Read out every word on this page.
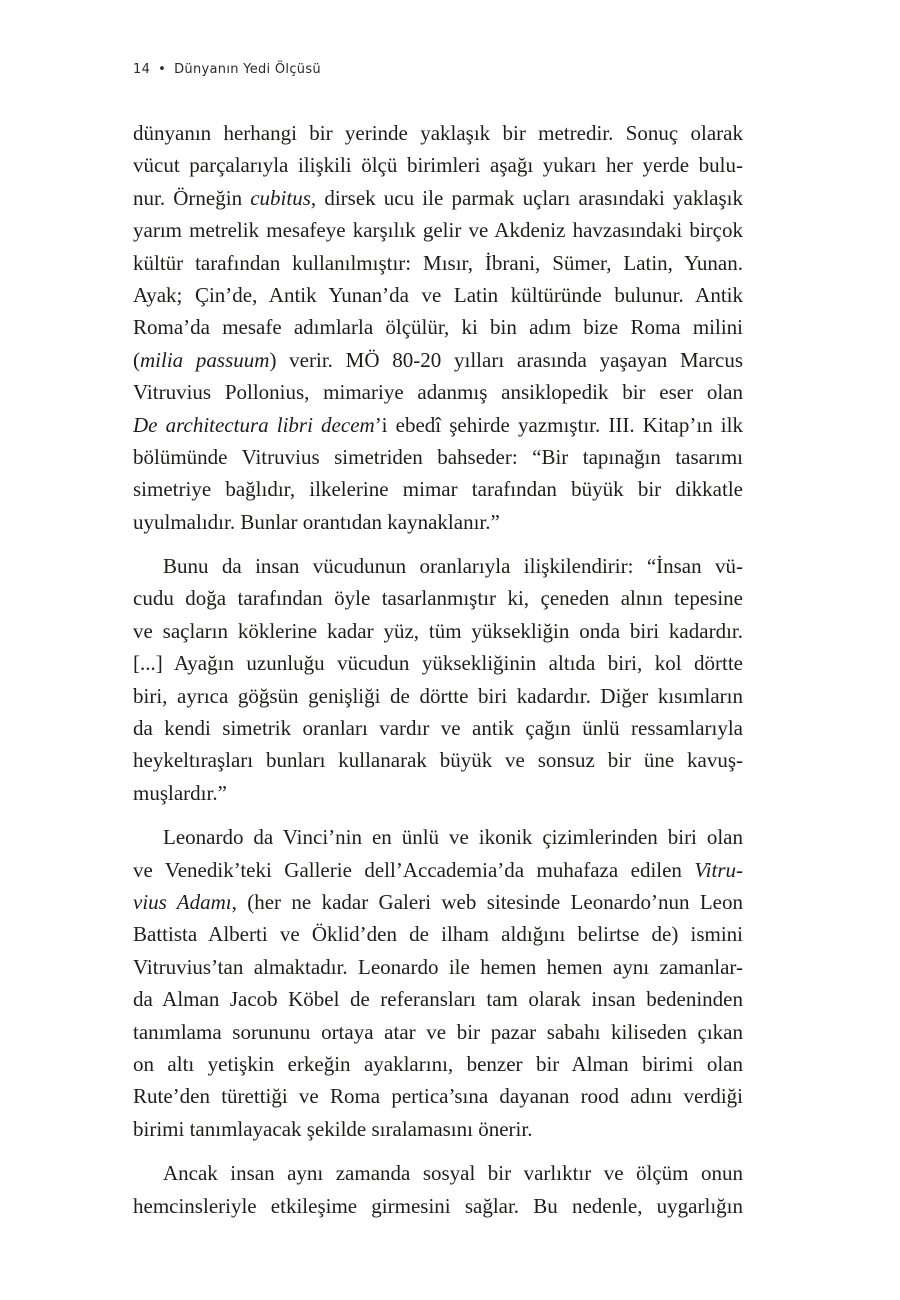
14 • Dünyanın Yedi Ölçüsü
dünyanın herhangi bir yerinde yaklaşık bir metredir. Sonuç olarak
vücut parçalarıyla ilişkili ölçü birimleri aşağı yukarı her yerde bulu-
nur. Örneğin cubitus, dirsek ucu ile parmak uçları arasındaki yaklaşık
yarım metrelik mesafeye karşılık gelir ve Akdeniz havzasındaki birçok
kültür tarafından kullanılmıştır: Mısır, İbrani, Sümer, Latin, Yunan.
Ayak; Çin’de, Antik Yunan’da ve Latin kültüründe bulunur. Antik
Roma’da mesafe adımlarla ölçülür, ki bin adım bize Roma milini
(milia passuum) verir. MÖ 80-20 yılları arasında yaşayan Marcus
Vitruvius Pollonius, mimariye adanmış ansiklopedik bir eser olan
De architectura libri decem’i ebedî şehirde yazmıştır. III. Kitap’ın ilk
bölümünde Vitruvius simetriden bahseder: “Bir tapınağın tasarımı
simetriye bağlıdır, ilkelerine mimar tarafından büyük bir dikkatle
uyulmalıdır. Bunlar orantıdan kaynaklanır.”
Bunu da insan vücudunun oranlarıyla ilişkilendirir: “İnsan vü-
cudu doğa tarafından öyle tasarlanmıştır ki, çeneden alnın tepesine
ve saçların köklerine kadar yüz, tüm yüksekliğin onda biri kadardır.
[...] Ayağın uzunluğu vücudun yüksekliğinin altıda biri, kol dörtte
biri, ayrıca göğsün genişliği de dörtte biri kadardır. Diğer kısımların
da kendi simetrik oranları vardır ve antik çağın ünlü ressamlarıyla
heykeltıraşları bunları kullanarak büyük ve sonsuz bir üne kavuş-
muşlardır.”
Leonardo da Vinci’nin en ünlü ve ikonik çizimlerinden biri olan
ve Venedik’teki Gallerie dell’Accademia’da muhafaza edilen Vitru-
vius Adamı, (her ne kadar Galeri web sitesinde Leonardo’nun Leon
Battista Alberti ve Öklid’den de ilham aldığını belirtse de) ismini
Vitruvius’tan almaktadır. Leonardo ile hemen hemen aynı zamanlar-
da Alman Jacob Köbel de referansları tam olarak insan bedeninden
tanımlama sorununu ortaya atar ve bir pazar sabahı kiliseden çıkan
on altı yetişkin erkeğin ayaklarını, benzer bir Alman birimi olan
Rute’den türettiği ve Roma pertica’sına dayanan rood adını verdiği
birimi tanımlayacak şekilde sıralamasını önerir.
Ancak insan aynı zamanda sosyal bir varlıktır ve ölçüm onun
hemcinsleriyle etkileşime girmesini sağlar. Bu nedenle, uygarlığın
